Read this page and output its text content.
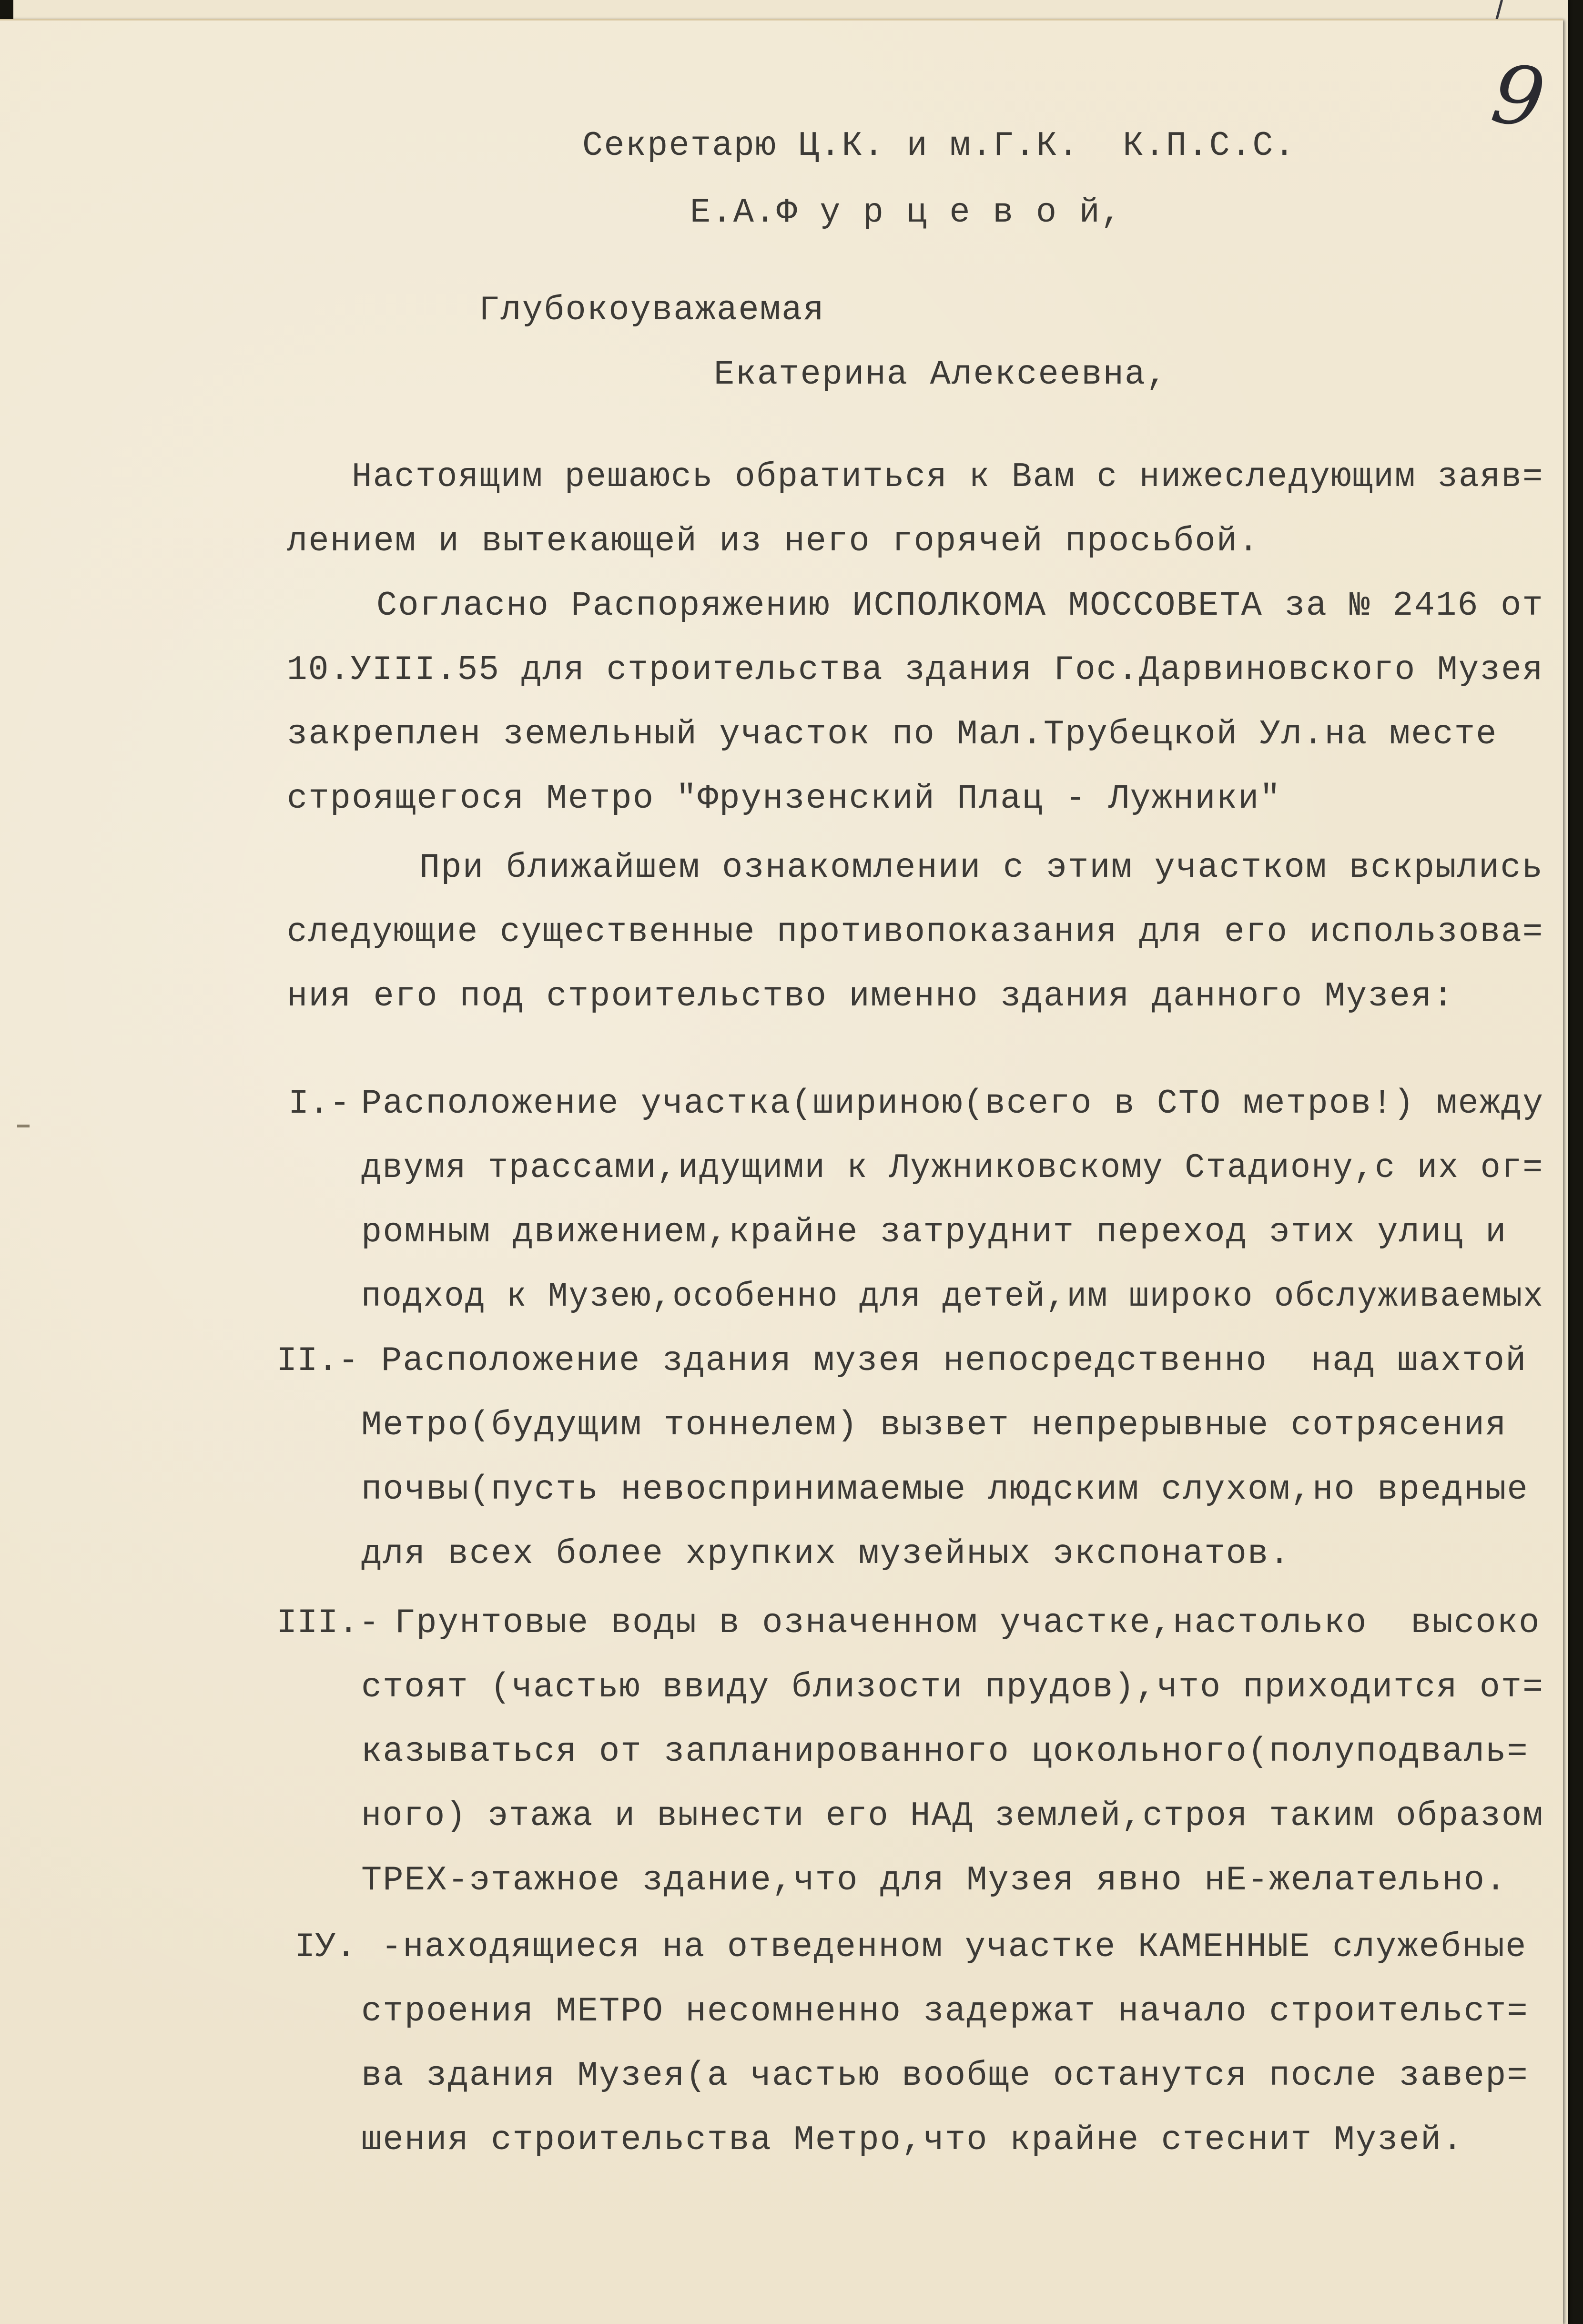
9
Секретарю Ц.К. и м.Г.К.  К.П.С.С.
Е.А.Ф у р ц е в о й,
Глубокоуважаемая
Екатерина Алексеевна,
Настоящим решаюсь обратиться к Вам с нижеследующим заяв=
лением и вытекающей из него горячей просьбой.
Согласно Распоряжению ИСПОЛКОМА МОССОВЕТА за № 2416 от
10.УIII.55 для строительства здания Гос.Дарвиновского Музея
закреплен земельный участок по Мал.Трубецкой Ул.на месте
строящегося Метро "Фрунзенский Плац - Лужники"
При ближайшем ознакомлении с этим участком вскрылись
следующие существенные противопоказания для его использова=
ния его под строительство именно здания данного Музея:
I.- Расположение участка(шириною(всего в СТО метров!) между
двумя трассами,идущими к Лужниковскому Стадиону,с их ог=
ромным движением,крайне затруднит переход этих улиц и
подход к Музею,особенно для детей,им широко обслуживаемых
II.- Расположение здания музея непосредственно  над шахтой
Метро(будущим тоннелем) вызвет непрерывные сотрясения
почвы(пусть невоспринимаемые людским слухом,но вредные
для всех более хрупких музейных экспонатов.
III.- Грунтовые воды в означенном участке,настолько  высоко
стоят (частью ввиду близости прудов),что приходится от=
казываться от запланированного цокольного(полуподваль=
ного) этажа и вынести его НАД землей,строя таким образом
ТРЕХ-этажное здание,что для Музея явно нЕ-желательно.
IУ. -находящиеся на отведенном участке КАМЕННЫЕ служебные
строения МЕТРО несомненно задержат начало строительст=
ва здания Музея(а частью вообще останутся после завер=
шения строительства Метро,что крайне стеснит Музей.
